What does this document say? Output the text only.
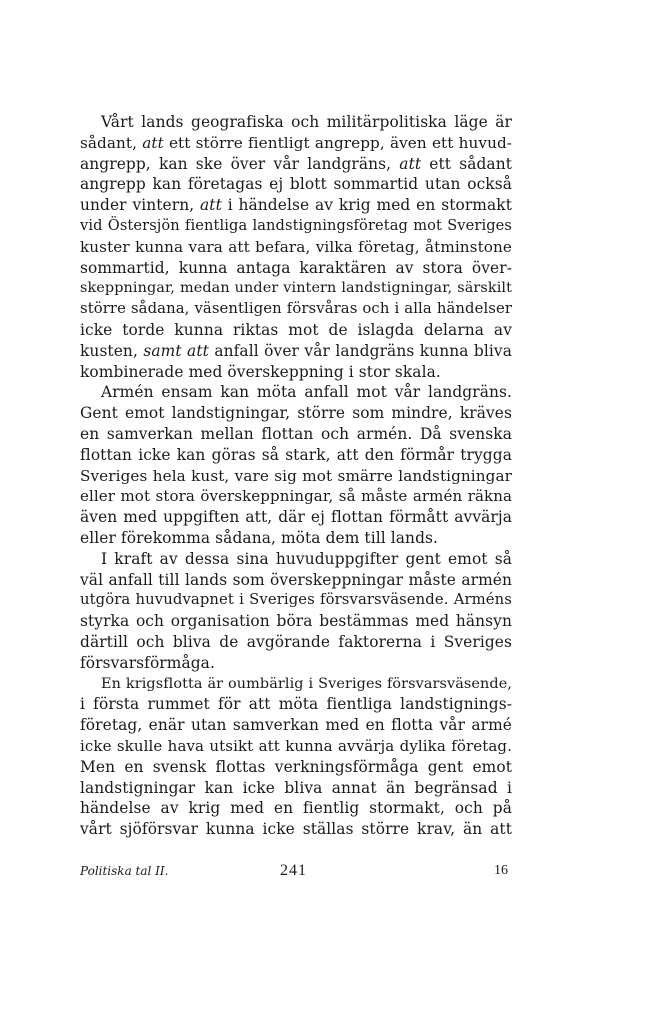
Vårt lands geografiska och militärpolitiska läge är
sådant, att ett större fientligt angrepp, även ett huvud-
angrepp, kan ske över vår landgräns, att ett sådant
angrepp kan företagas ej blott sommartid utan också
under vintern, att i händelse av krig med en stormakt
vid Östersjön fientliga landstigningsföretag mot Sveriges
kuster kunna vara att befara, vilka företag, åtminstone
sommartid, kunna antaga karaktären av stora över-
skeppningar, medan under vintern landstigningar, särskilt
större sådana, väsentligen försvåras och i alla händelser
icke torde kunna riktas mot de islagda delarna av
kusten, samt att anfall över vår landgräns kunna bliva
kombinerade med överskeppning i stor skala.
Armén ensam kan möta anfall mot vår landgräns.
Gent emot landstigningar, större som mindre, kräves
en samverkan mellan flottan och armén. Då svenska
flottan icke kan göras så stark, att den förmår trygga
Sveriges hela kust, vare sig mot smärre landstigningar
eller mot stora överskeppningar, så måste armén räkna
även med uppgiften att, där ej flottan förmått avvärja
eller förekomma sådana, möta dem till lands.
I kraft av dessa sina huvuduppgifter gent emot så
väl anfall till lands som överskeppningar måste armén
utgöra huvudvapnet i Sveriges försvarsväsende. Arméns
styrka och organisation böra bestämmas med hänsyn
därtill och bliva de avgörande faktorerna i Sveriges
försvarsförmåga.
En krigsflotta är oumbärlig i Sveriges försvarsväsende,
i första rummet för att möta fientliga landstignings-
företag, enär utan samverkan med en flotta vår armé
icke skulle hava utsikt att kunna avvärja dylika företag.
Men en svensk flottas verkningsförmåga gent emot
landstigningar kan icke bliva annat än begränsad i
händelse av krig med en fientlig stormakt, och på
vårt sjöförsvar kunna icke ställas större krav, än att
Politiska tal II.	241	16
